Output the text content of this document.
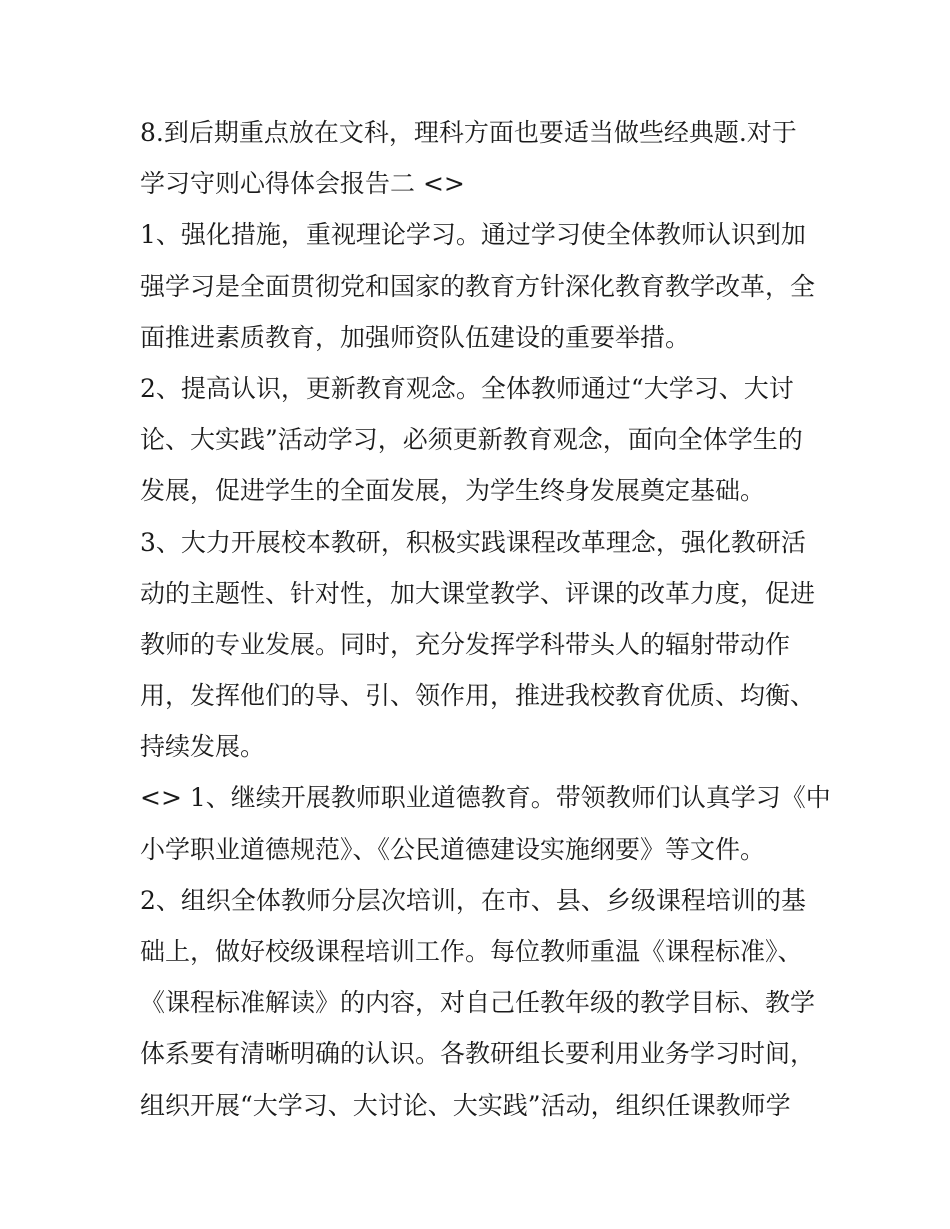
8.到后期重点放在文科，理科方面也要适当做些经典题.对于
学习守则心得体会报告二 <>
1、强化措施，重视理论学习。通过学习使全体教师认识到加
强学习是全面贯彻党和国家的教育方针深化教育教学改革，全
面推进素质教育，加强师资队伍建设的重要举措。
2、提高认识，更新教育观念。全体教师通过“大学习、大讨
论、大实践”活动学习，必须更新教育观念，面向全体学生的
发展，促进学生的全面发展，为学生终身发展奠定基础。
3、大力开展校本教研，积极实践课程改革理念，强化教研活
动的主题性、针对性，加大课堂教学、评课的改革力度，促进
教师的专业发展。同时，充分发挥学科带头人的辐射带动作
用，发挥他们的导、引、领作用，推进我校教育优质、均衡、
持续发展。
<> 1、继续开展教师职业道德教育。带领教师们认真学习《中
小学职业道德规范》、《公民道德建设实施纲要》等文件。
2、组织全体教师分层次培训，在市、县、乡级课程培训的基
础上，做好校级课程培训工作。每位教师重温《课程标准》、
《课程标准解读》的内容，对自己任教年级的教学目标、教学
体系要有清晰明确的认识。各教研组长要利用业务学习时间，
组织开展“大学习、大讨论、大实践”活动，组织任课教师学
